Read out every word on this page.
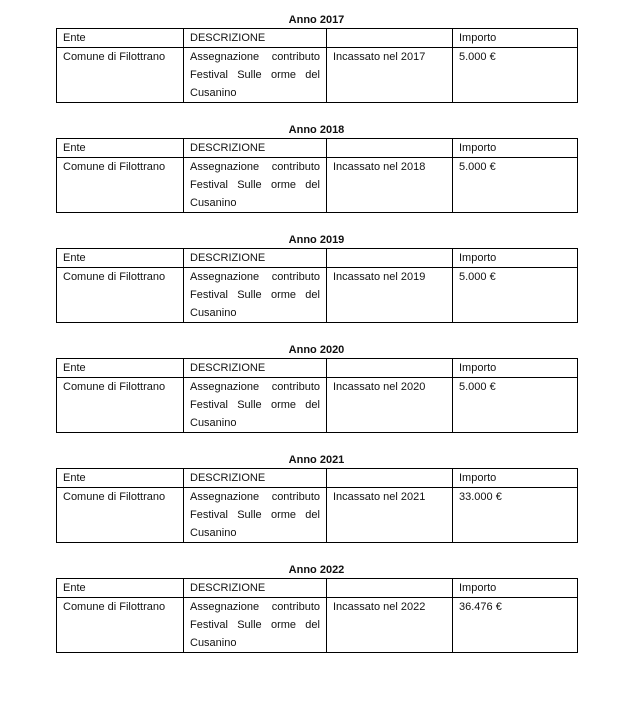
Anno 2017
Ente	DESCRIZIONE		Importo
Comune di Filottrano	Assegnazione contributo Festival Sulle orme del Cusanino	Incassato nel 2017	5.000 €
Anno 2018
Ente	DESCRIZIONE		Importo
Comune di Filottrano	Assegnazione contributo Festival Sulle orme del Cusanino	Incassato nel 2018	5.000 €
Anno 2019
Ente	DESCRIZIONE		Importo
Comune di Filottrano	Assegnazione contributo Festival Sulle orme del Cusanino	Incassato nel 2019	5.000 €
Anno 2020
Ente	DESCRIZIONE		Importo
Comune di Filottrano	Assegnazione contributo Festival Sulle orme del Cusanino	Incassato nel 2020	5.000 €
Anno 2021
Ente	DESCRIZIONE		Importo
Comune di Filottrano	Assegnazione contributo Festival Sulle orme del Cusanino	Incassato nel 2021	33.000 €
Anno 2022
Ente	DESCRIZIONE		Importo
Comune di Filottrano	Assegnazione contributo Festival Sulle orme del Cusanino	Incassato nel 2022	36.476 €
